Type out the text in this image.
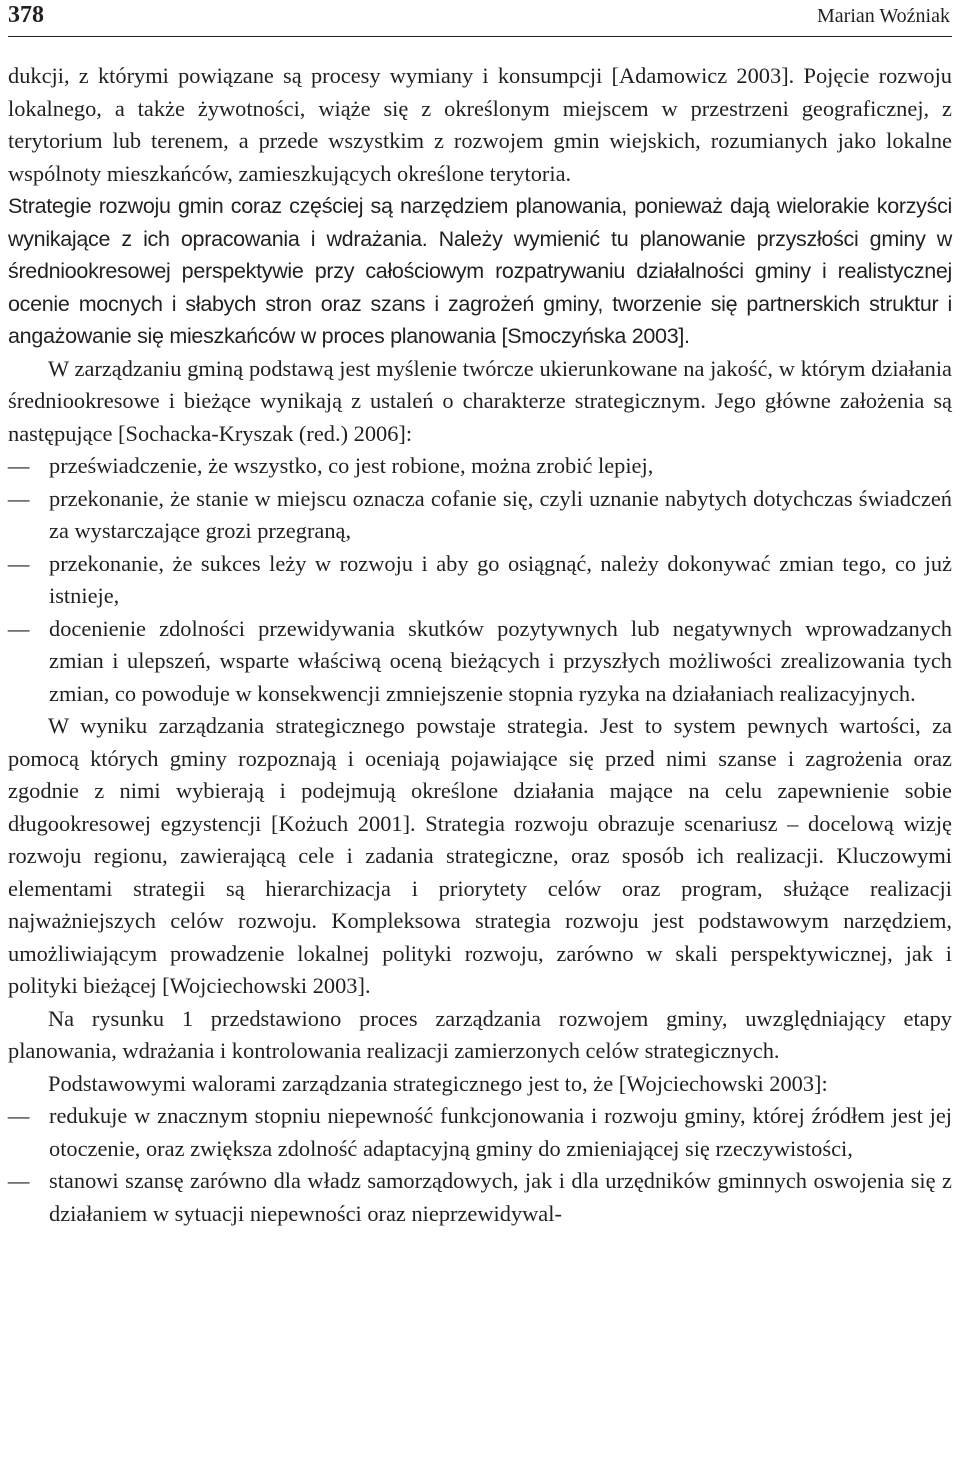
378	Marian Woźniak

dukcji, z którymi powiązane są procesy wymiany i konsumpcji [Adamowicz 2003]. Pojęcie rozwoju lokalnego, a także żywotności, wiąże się z określonym miejscem w przestrzeni geograficznej, z terytorium lub terenem, a przede wszystkim z rozwojem gmin wiejskich, rozumianych jako lokalne wspólnoty mieszkańców, zamieszkujących określone terytoria.

Strategie rozwoju gmin coraz częściej są narzędziem planowania, ponieważ dają wielorakie korzyści wynikające z ich opracowania i wdrażania. Należy wymienić tu planowanie przyszłości gminy w średniookresowej perspektywie przy całościowym rozpatrywaniu działalności gminy i realistycznej ocenie mocnych i słabych stron oraz szans i zagrożeń gminy, tworzenie się partnerskich struktur i angażowanie się mieszkańców w proces planowania [Smoczyńska 2003].

W zarządzaniu gminą podstawą jest myślenie twórcze ukierunkowane na jakość, w którym działania średniookresowe i bieżące wynikają z ustaleń o charakterze strategicznym. Jego główne założenia są następujące [Sochacka-Kryszak (red.) 2006]:

– przeświadczenie, że wszystko, co jest robione, można zrobić lepiej,
– przekonanie, że stanie w miejscu oznacza cofanie się, czyli uznanie nabytych dotychczas świadczeń za wystarczające grozi przegraną,
– przekonanie, że sukces leży w rozwoju i aby go osiągnąć, należy dokonywać zmian tego, co już istnieje,
– docenienie zdolności przewidywania skutków pozytywnych lub negatywnych wprowadzanych zmian i ulepszeń, wsparte właściwą oceną bieżących i przyszłych możliwości zrealizowania tych zmian, co powoduje w konsekwencji zmniejszenie stopnia ryzyka na działaniach realizacyjnych.

W wyniku zarządzania strategicznego powstaje strategia. Jest to system pewnych wartości, za pomocą których gminy rozpoznają i oceniają pojawiające się przed nimi szanse i zagrożenia oraz zgodnie z nimi wybierają i podejmują określone działania mające na celu zapewnienie sobie długookresowej egzystencji [Kożuch 2001]. Strategia rozwoju obrazuje scenariusz – docelową wizję rozwoju regionu, zawierającą cele i zadania strategiczne, oraz sposób ich realizacji. Kluczowymi elementami strategii są hierarchizacja i priorytety celów oraz program, służące realizacji najważniejszych celów rozwoju. Kompleksowa strategia rozwoju jest podstawowym narzędziem, umożliwiającym prowadzenie lokalnej polityki rozwoju, zarówno w skali perspektywicznej, jak i polityki bieżącej [Wojciechowski 2003].

Na rysunku 1 przedstawiono proces zarządzania rozwojem gminy, uwzględniający etapy planowania, wdrażania i kontrolowania realizacji zamierzonych celów strategicznych.

Podstawowymi walorami zarządzania strategicznego jest to, że [Wojciechowski 2003]:

– redukuje w znacznym stopniu niepewność funkcjonowania i rozwoju gminy, której źródłem jest jej otoczenie, oraz zwiększa zdolność adaptacyjną gminy do zmieniającej się rzeczywistości,
– stanowi szansę zarówno dla władz samorządowych, jak i dla urzędników gminnych oswojenia się z działaniem w sytuacji niepewności oraz nieprzewidywal-
